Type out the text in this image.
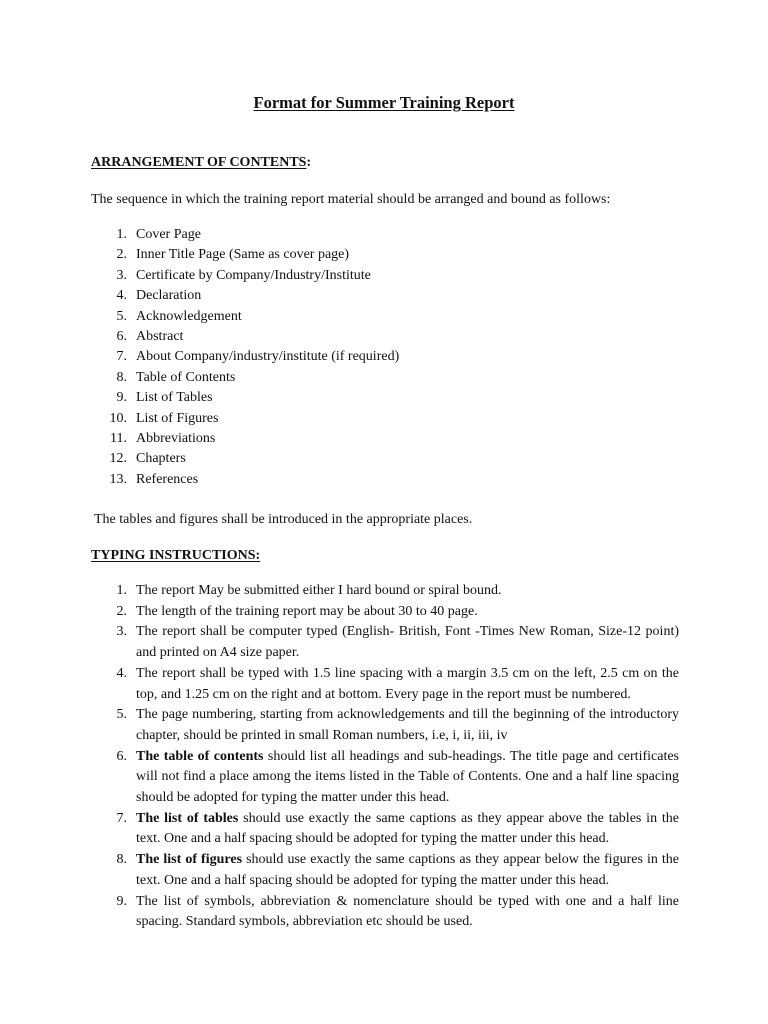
Format for Summer Training Report
ARRANGEMENT OF CONTENTS:
The sequence in which the training report material should be arranged and bound as follows:
1. Cover Page
2. Inner Title Page (Same as cover page)
3. Certificate by Company/Industry/Institute
4. Declaration
5. Acknowledgement
6. Abstract
7. About Company/industry/institute (if required)
8. Table of Contents
9. List of Tables
10. List of Figures
11. Abbreviations
12. Chapters
13. References
The tables and figures shall be introduced in the appropriate places.
TYPING INSTRUCTIONS:
1. The report May be submitted either I hard bound or spiral bound.
2. The length of the training report may be about 30 to 40 page.
3. The report shall be computer typed (English- British, Font -Times New Roman, Size-12 point) and printed on A4 size paper.
4. The report shall be typed with 1.5 line spacing with a margin 3.5 cm on the left, 2.5 cm on the top, and 1.25 cm on the right and at bottom. Every page in the report must be numbered.
5. The page numbering, starting from acknowledgements and till the beginning of the introductory chapter, should be printed in small Roman numbers, i.e, i, ii, iii, iv
6. The table of contents should list all headings and sub-headings. The title page and certificates will not find a place among the items listed in the Table of Contents. One and a half line spacing should be adopted for typing the matter under this head.
7. The list of tables should use exactly the same captions as they appear above the tables in the text. One and a half spacing should be adopted for typing the matter under this head.
8. The list of figures should use exactly the same captions as they appear below the figures in the text. One and a half spacing should be adopted for typing the matter under this head.
9. The list of symbols, abbreviation & nomenclature should be typed with one and a half line spacing. Standard symbols, abbreviation etc should be used.
